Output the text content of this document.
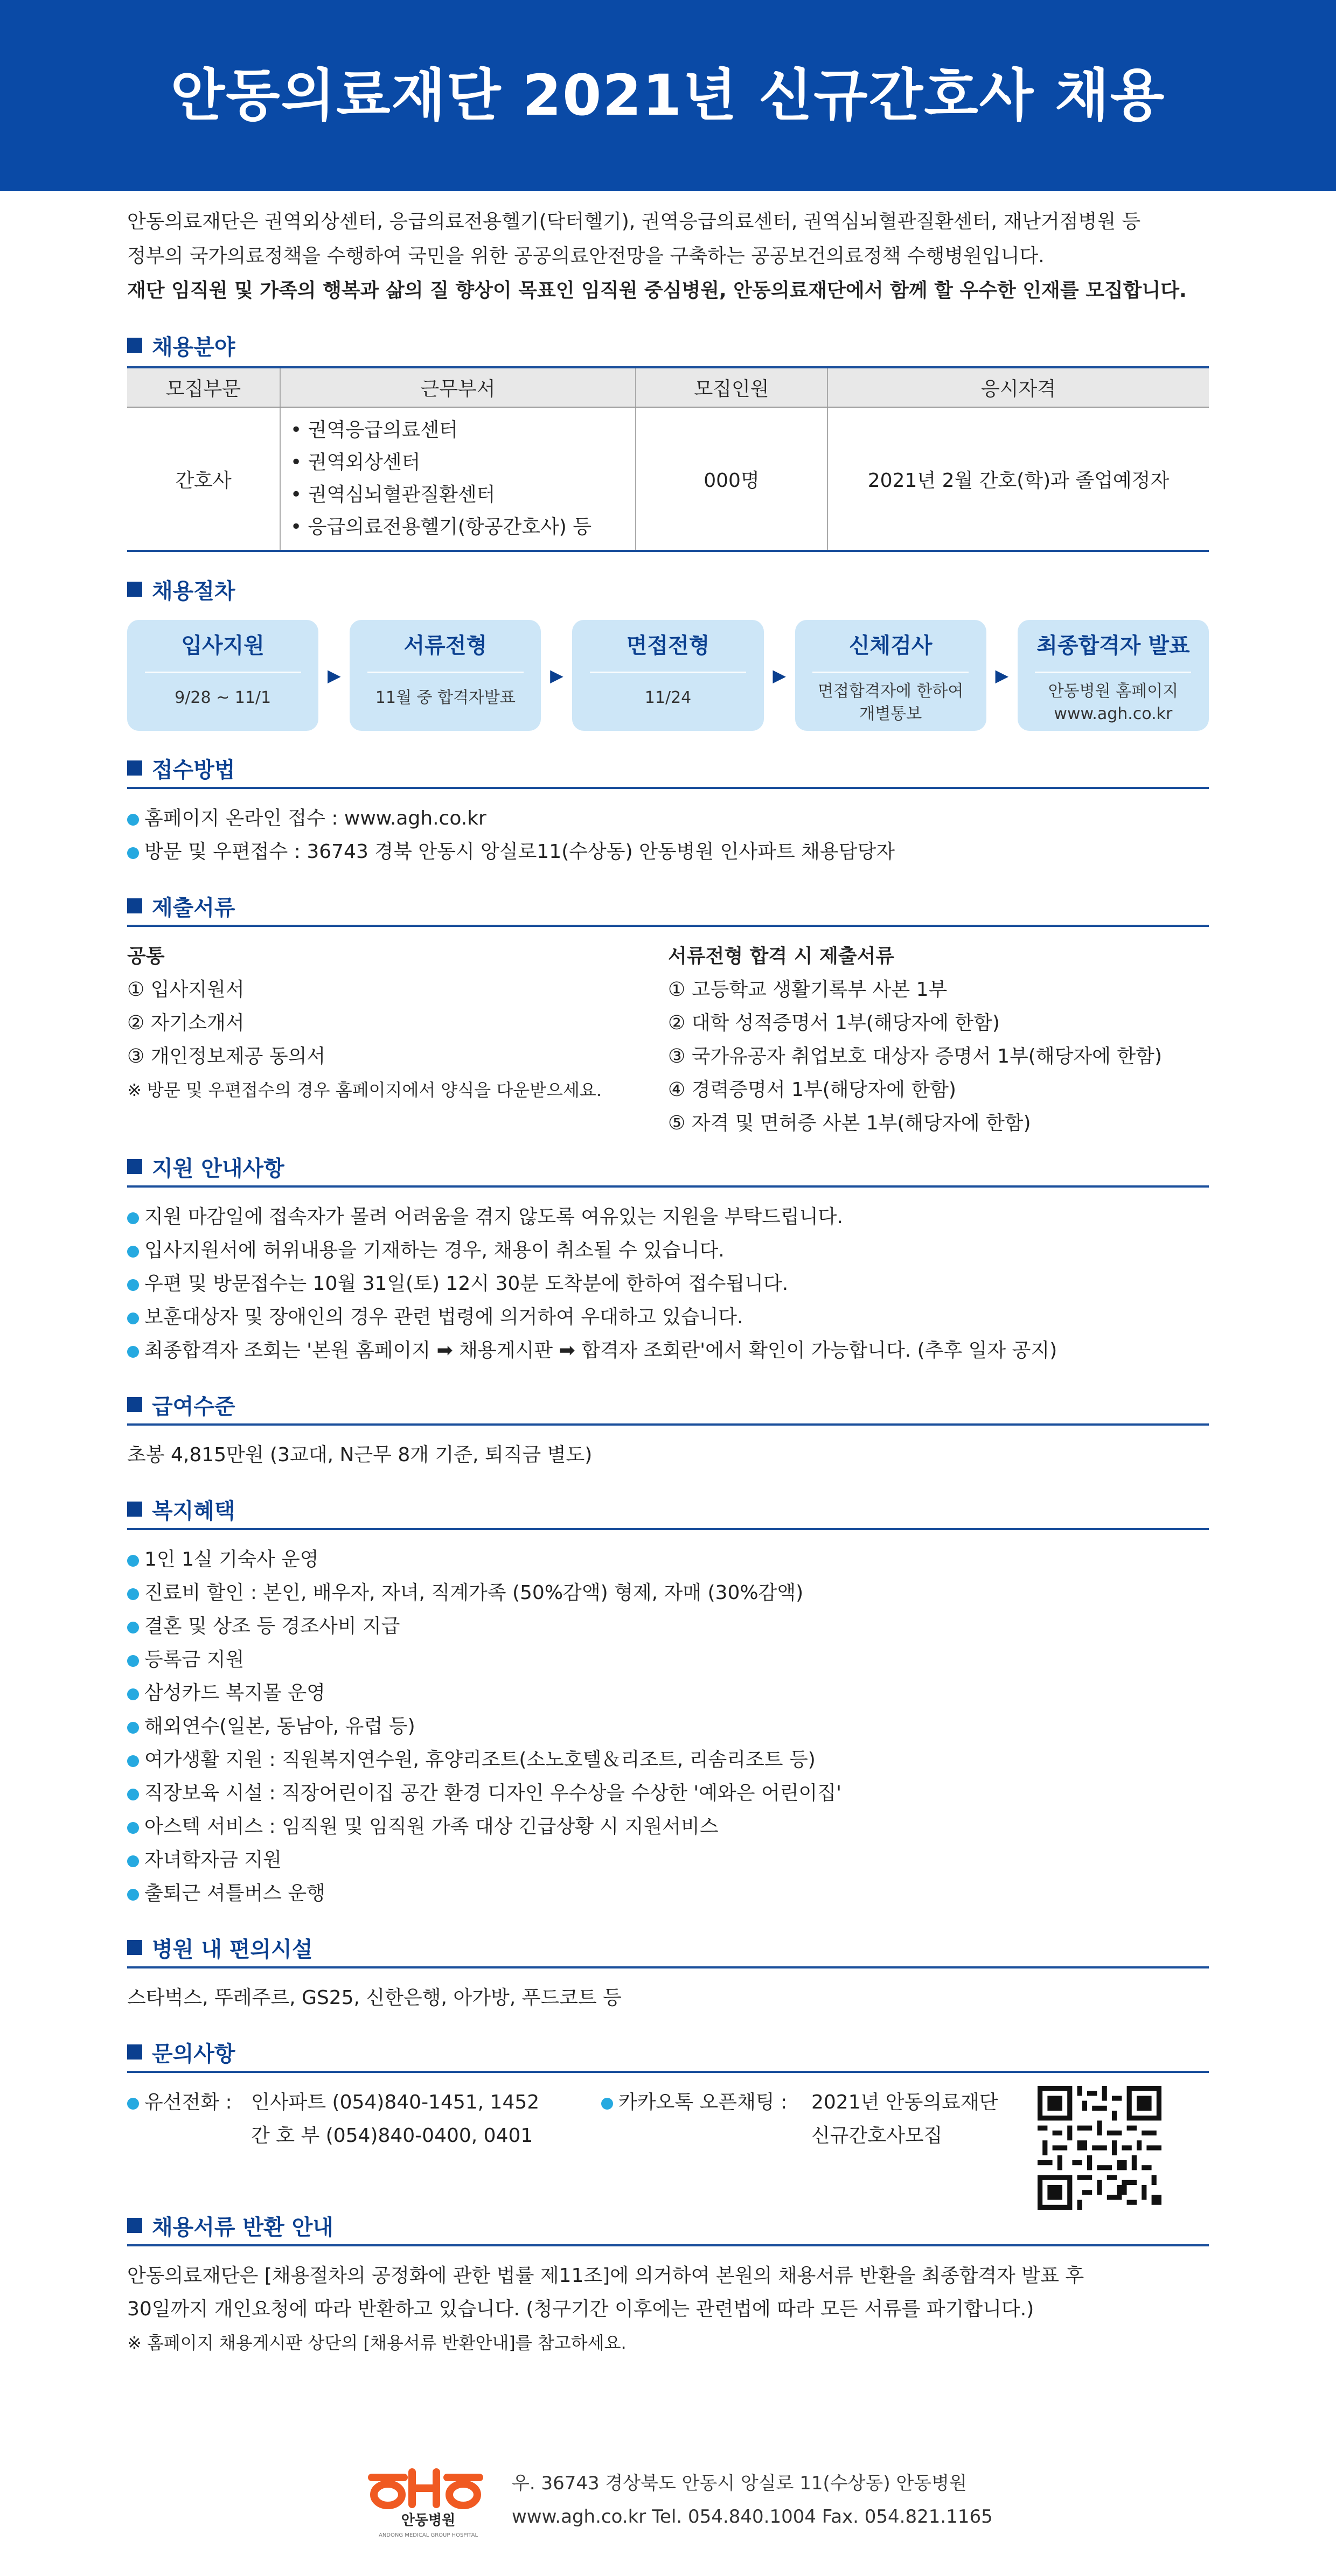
안동의료재단 2021년 신규간호사 채용

안동의료재단은 권역외상센터, 응급의료전용헬기(닥터헬기), 권역응급의료센터, 권역심뇌혈관질환센터, 재난거점병원 등

정부의 국가의료정책을 수행하여 국민을 위한 공공의료안전망을 구축하는 공공보건의료정책 수행병원입니다.

재단 임직원 및 가족의 행복과 삶의 질 향상이 목표인 임직원 중심병원, 안동의료재단에서 함께 할 우수한 인재를 모집합니다.

채용분야
모집부문	근무부서	모집인원	응시자격
간호사	• 권역응급의료센터
• 권역외상센터
• 권역심뇌혈관질환센터
• 응급의료전용헬기(항공간호사) 등	000명	2021년 2월 간호(학)과 졸업예정자
채용절차
입사지원
9/28 ~ 11/1
▶
서류전형
11월 중 합격자발표
▶
면접전형
11/24
▶
신체검사
면접합격자에 한하여
개별통보
▶
최종합격자 발표
안동병원 홈페이지
www.agh.co.kr
접수방법
홈페이지 온라인 접수 : www.agh.co.kr
방문 및 우편접수 : 36743 경북 안동시 앙실로11(수상동) 안동병원 인사파트 채용담당자
제출서류
공통
① 입사지원서
② 자기소개서
③ 개인정보제공 동의서
※ 방문 및 우편접수의 경우 홈페이지에서 양식을 다운받으세요.
서류전형 합격 시 제출서류
① 고등학교 생활기록부 사본 1부
② 대학 성적증명서 1부(해당자에 한함)
③ 국가유공자 취업보호 대상자 증명서 1부(해당자에 한함)
④ 경력증명서 1부(해당자에 한함)
⑤ 자격 및 면허증 사본 1부(해당자에 한함)
지원 안내사항
지원 마감일에 접속자가 몰려 어려움을 겪지 않도록 여유있는 지원을 부탁드립니다.
입사지원서에 허위내용을 기재하는 경우, 채용이 취소될 수 있습니다.
우편 및 방문접수는 10월 31일(토) 12시 30분 도착분에 한하여 접수됩니다.
보훈대상자 및 장애인의 경우 관련 법령에 의거하여 우대하고 있습니다.
최종합격자 조회는 '본원 홈페이지 ➡ 채용게시판 ➡ 합격자 조회란'에서 확인이 가능합니다. (추후 일자 공지)
급여수준
초봉 4,815만원 (3교대, N근무 8개 기준, 퇴직금 별도)
복지혜택
1인 1실 기숙사 운영
진료비 할인 : 본인, 배우자, 자녀, 직계가족 (50%감액) 형제, 자매 (30%감액)
결혼 및 상조 등 경조사비 지급
등록금 지원
삼성카드 복지몰 운영
해외연수(일본, 동남아, 유럽 등)
여가생활 지원 : 직원복지연수원, 휴양리조트(소노호텔＆리조트, 리솜리조트 등)
직장보육 시설 : 직장어린이집 공간 환경 디자인 우수상을 수상한 '예와은 어린이집'
아스텍 서비스 : 임직원 및 임직원 가족 대상 긴급상황 시 지원서비스
자녀학자금 지원
출퇴근 셔틀버스 운행
병원 내 편의시설
스타벅스, 뚜레주르, GS25, 신한은행, 아가방, 푸드코트 등
문의사항
유선전화 : 인사파트 (054)840-1451, 1452
간 호 부 (054)840-0400, 0401
카카오톡 오픈채팅 :	2021년 안동의료재단
신규간호사모집
채용서류 반환 안내
안동의료재단은 [채용절차의 공정화에 관한 법률 제11조]에 의거하여 본원의 채용서류 반환을 최종합격자 발표 후
30일까지 개인요청에 따라 반환하고 있습니다. (청구기간 이후에는 관련법에 따라 모든 서류를 파기합니다.)
※ 홈페이지 채용게시판 상단의 [채용서류 반환안내]를 참고하세요.
안동병원
ANDONG MEDICAL GROUP HOSPITAL
우. 36743 경상북도 안동시 앙실로 11(수상동) 안동병원
www.agh.co.kr Tel. 054.840.1004 Fax. 054.821.1165
